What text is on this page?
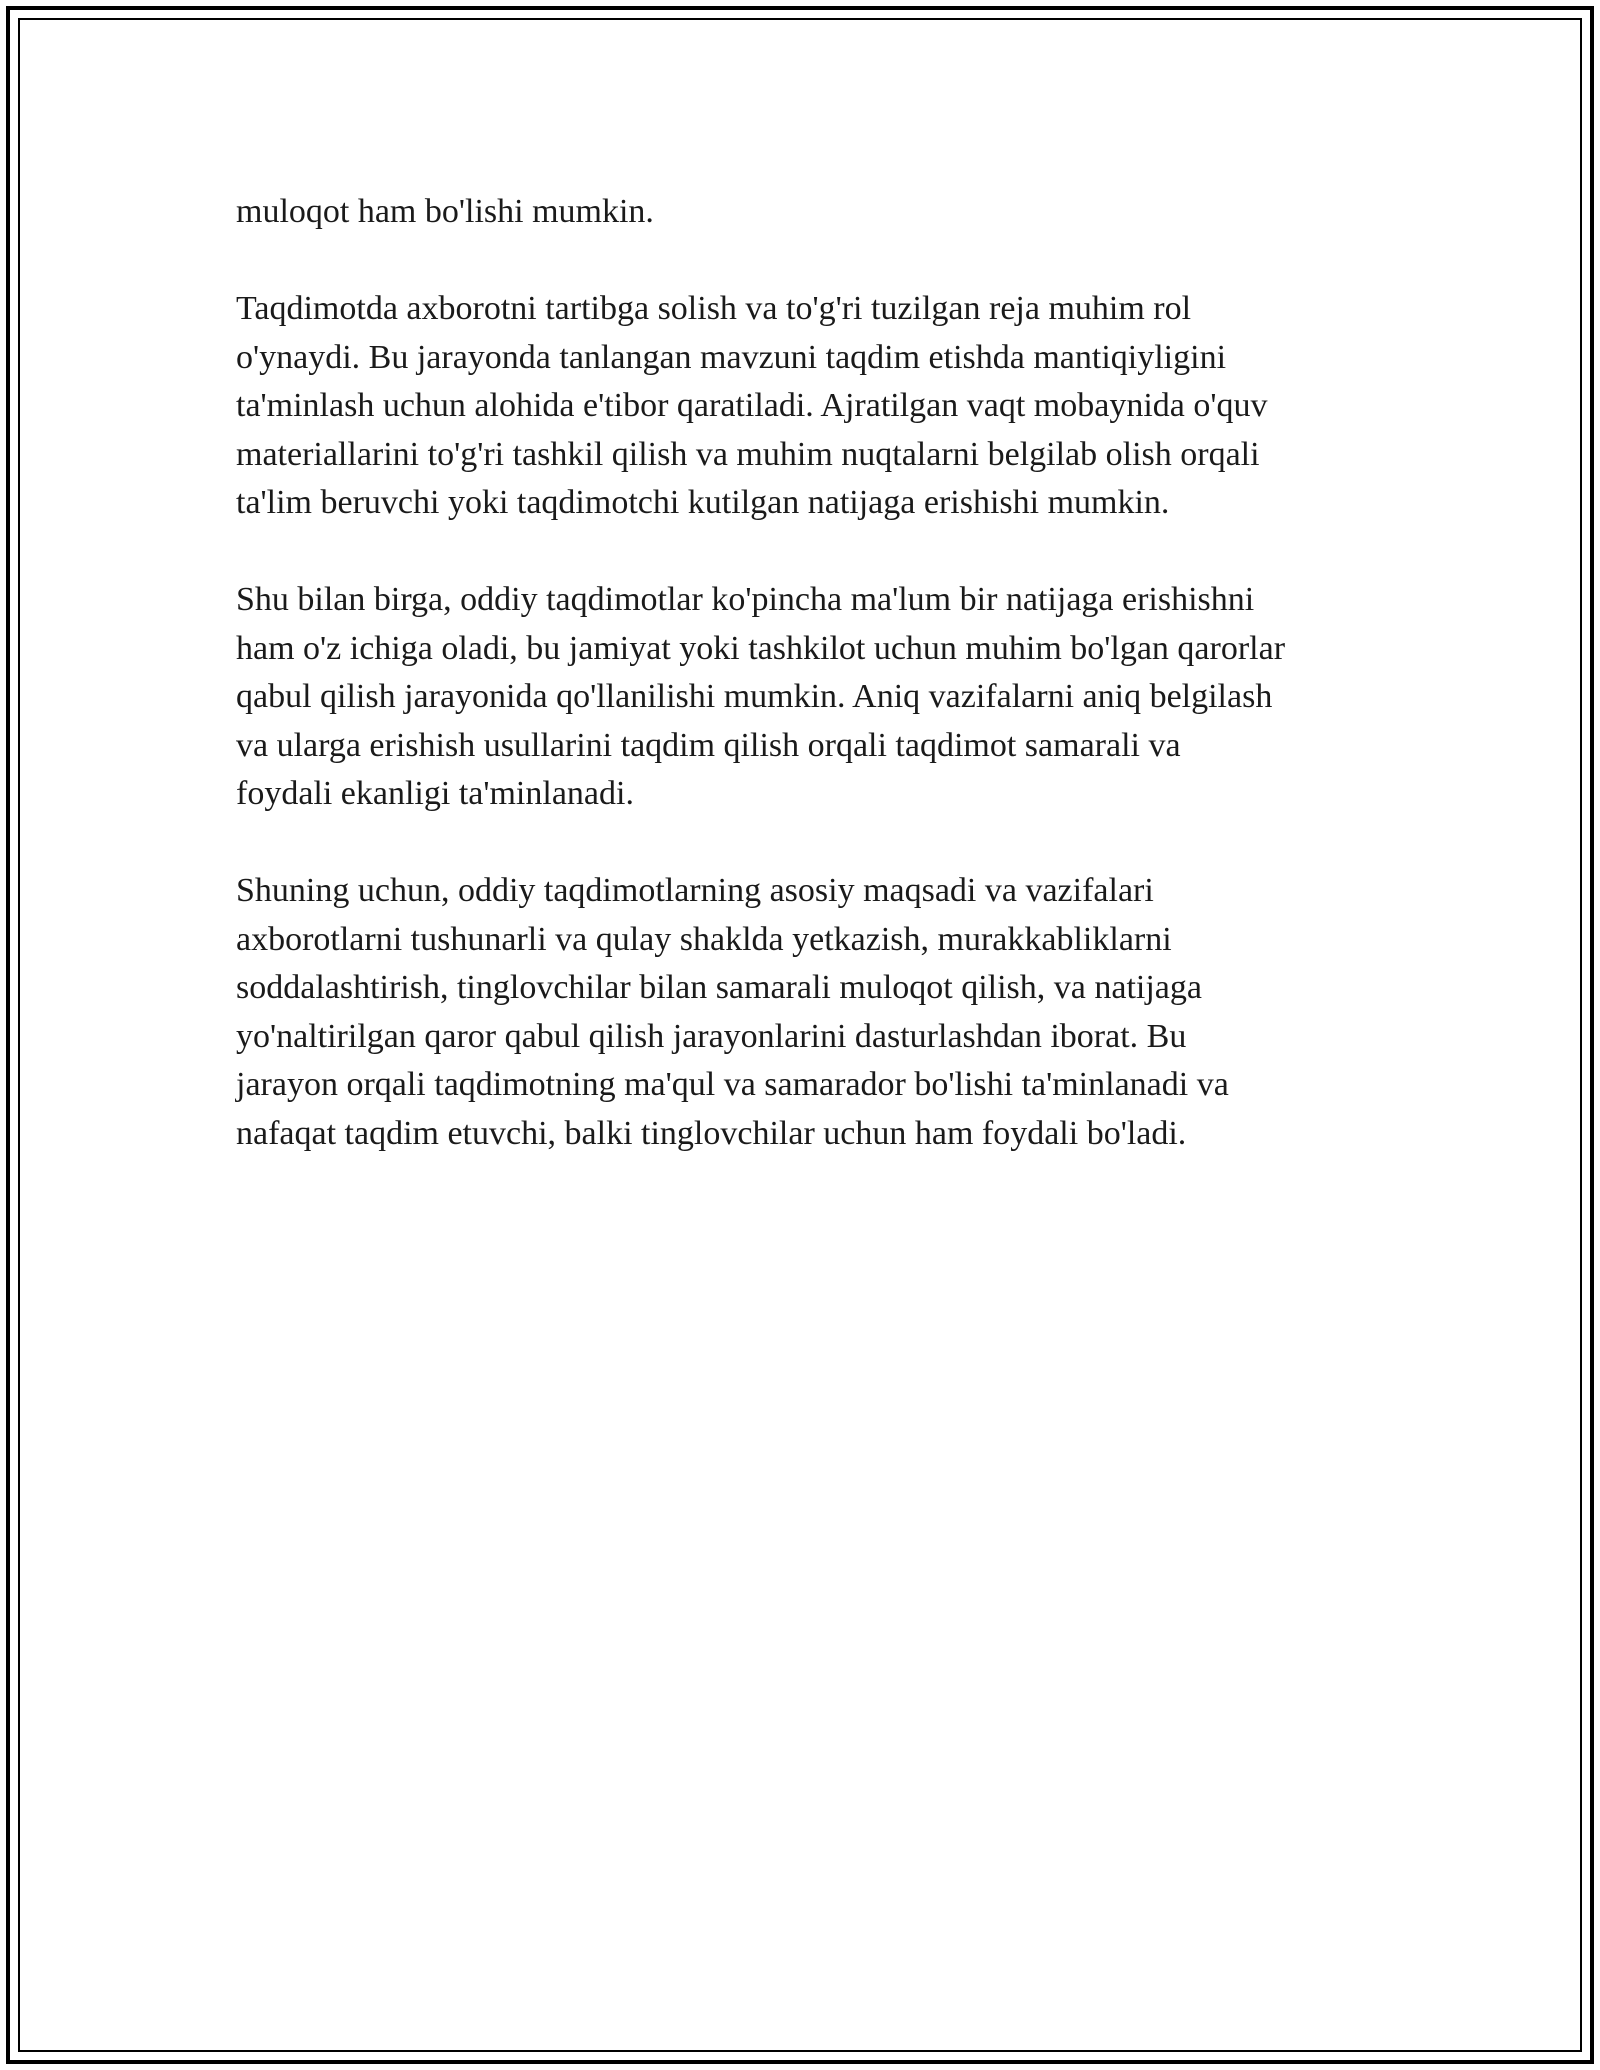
muloqot ham bo'lishi mumkin.

Taqdimotda axborotni tartibga solish va to'g'ri tuzilgan reja muhim rol
o'ynaydi. Bu jarayonda tanlangan mavzuni taqdim etishda mantiqiyligini
ta'minlash uchun alohida e'tibor qaratiladi. Ajratilgan vaqt mobaynida o'quv
materiallarini to'g'ri tashkil qilish va muhim nuqtalarni belgilab olish orqali
ta'lim beruvchi yoki taqdimotchi kutilgan natijaga erishishi mumkin.

Shu bilan birga, oddiy taqdimotlar ko'pincha ma'lum bir natijaga erishishni
ham o'z ichiga oladi, bu jamiyat yoki tashkilot uchun muhim bo'lgan qarorlar
qabul qilish jarayonida qo'llanilishi mumkin. Aniq vazifalarni aniq belgilash
va ularga erishish usullarini taqdim qilish orqali taqdimot samarali va
foydali ekanligi ta'minlanadi.

Shuning uchun, oddiy taqdimotlarning asosiy maqsadi va vazifalari
axborotlarni tushunarli va qulay shaklda yetkazish, murakkabliklarni
soddalashtirish, tinglovchilar bilan samarali muloqot qilish, va natijaga
yo'naltirilgan qaror qabul qilish jarayonlarini dasturlashdan iborat. Bu
jarayon orqali taqdimotning ma'qul va samarador bo'lishi ta'minlanadi va
nafaqat taqdim etuvchi, balki tinglovchilar uchun ham foydali bo'ladi.
